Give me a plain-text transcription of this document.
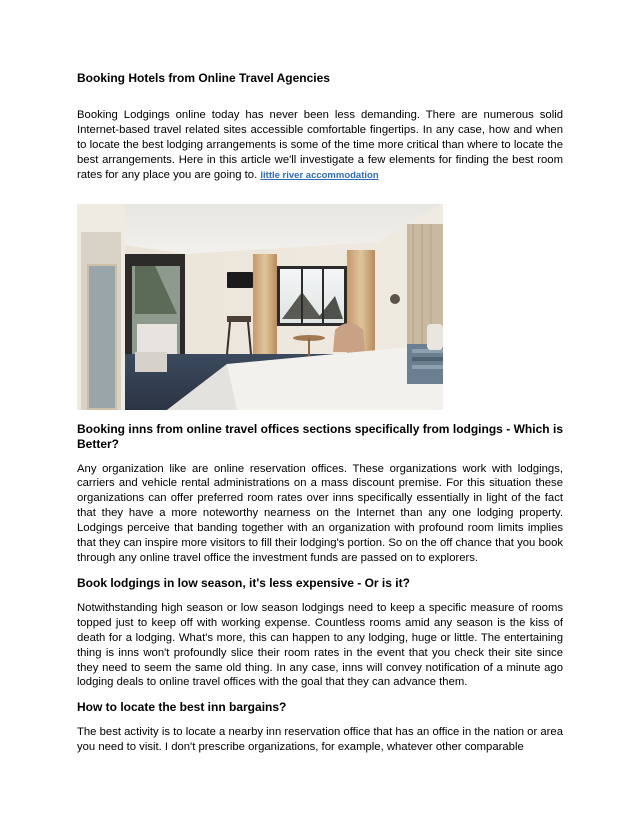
Booking Hotels from Online Travel Agencies

Booking Lodgings online today has never been less demanding. There are numerous solid Internet-based travel related sites accessible comfortable fingertips. In any case, how and when to locate the best lodging arrangements is some of the time more critical than where to locate the best arrangements. Here in this article we'll investigate a few elements for finding the best room rates for any place you are going to. little river accommodation

Booking inns from online travel offices sections specifically from lodgings - Which is Better?

Any organization like are online reservation offices. These organizations work with lodgings, carriers and vehicle rental administrations on a mass discount premise. For this situation these organizations can offer preferred room rates over inns specifically essentially in light of the fact that they have a more noteworthy nearness on the Internet than any one lodging property. Lodgings perceive that banding together with an organization with profound room limits implies that they can inspire more visitors to fill their lodging's portion. So on the off chance that you book through any online travel office the investment funds are passed on to explorers.

Book lodgings in low season, it's less expensive - Or is it?

Notwithstanding high season or low season lodgings need to keep a specific measure of rooms topped just to keep off with working expense. Countless rooms amid any season is the kiss of death for a lodging. What's more, this can happen to any lodging, huge or little. The entertaining thing is inns won't profoundly slice their room rates in the event that you check their site since they need to seem the same old thing. In any case, inns will convey notification of a minute ago lodging deals to online travel offices with the goal that they can advance them.

How to locate the best inn bargains?

The best activity is to locate a nearby inn reservation office that has an office in the nation or area you need to visit. I don't prescribe organizations, for example, whatever other comparable
